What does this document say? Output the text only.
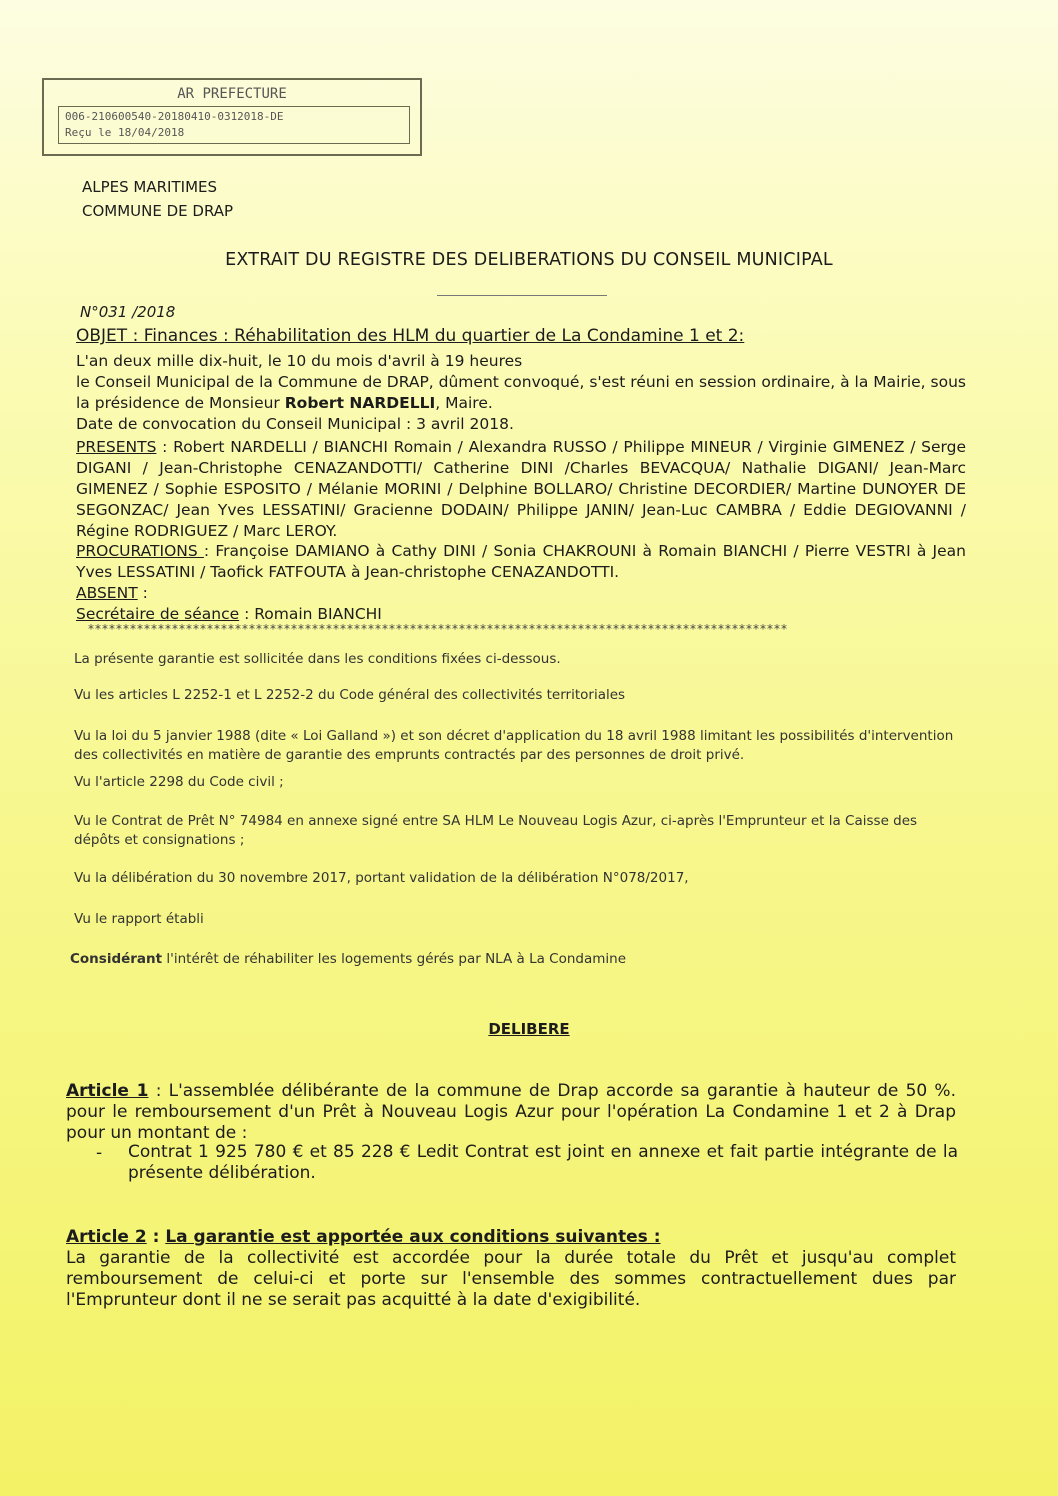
AR PREFECTURE
006-210600540-20180410-0312018-DE
Reçu le 18/04/2018
ALPES MARITIMES
COMMUNE DE DRAP
EXTRAIT DU REGISTRE DES DELIBERATIONS DU CONSEIL MUNICIPAL
N°031 /2018
OBJET : Finances : Réhabilitation des HLM du quartier de La Condamine 1 et 2:
L'an deux mille dix-huit, le 10 du mois d'avril à 19 heures
le Conseil Municipal de la Commune de DRAP, dûment convoqué, s'est réuni en session ordinaire, à la Mairie, sous la présidence de Monsieur Robert NARDELLI, Maire.
Date de convocation du Conseil Municipal : 3 avril 2018.
PRESENTS : Robert NARDELLI / BIANCHI Romain / Alexandra RUSSO / Philippe MINEUR / Virginie GIMENEZ / Serge DIGANI / Jean-Christophe CENAZANDOTTI/ Catherine DINI /Charles BEVACQUA/ Nathalie DIGANI/ Jean-Marc GIMENEZ / Sophie ESPOSITO / Mélanie MORINI / Delphine BOLLARO/ Christine DECORDIER/ Martine DUNOYER DE SEGONZAC/ Jean Yves LESSATINI/ Gracienne DODAIN/ Philippe JANIN/ Jean-Luc CAMBRA / Eddie DEGIOVANNI / Régine RODRIGUEZ / Marc LEROY.
PROCURATIONS : Françoise DAMIANO à Cathy DINI / Sonia CHAKROUNI à Romain BIANCHI / Pierre VESTRI à Jean Yves LESSATINI / Taofick FATFOUTA à Jean-christophe CENAZANDOTTI.
ABSENT :
Secrétaire de séance : Romain BIANCHI
****************************************************************************************************
La présente garantie est sollicitée dans les conditions fixées ci-dessous.
Vu les articles L 2252-1 et L 2252-2 du Code général des collectivités territoriales
Vu la loi du 5 janvier 1988 (dite « Loi Galland ») et son décret d'application du 18 avril 1988 limitant les possibilités d'intervention des collectivités en matière de garantie des emprunts contractés par des personnes de droit privé.
Vu l'article 2298 du Code civil ;
Vu le Contrat de Prêt N° 74984 en annexe signé entre SA HLM Le Nouveau Logis Azur, ci-après l'Emprunteur et la Caisse des dépôts et consignations ;
Vu la délibération du 30 novembre 2017, portant validation de la délibération N°078/2017,
Vu le rapport établi
Considérant l'intérêt de réhabiliter les logements gérés par NLA à La Condamine
DELIBERE
Article 1 : L'assemblée délibérante de la commune de Drap accorde sa garantie à hauteur de 50 %. pour le remboursement d'un Prêt à Nouveau Logis Azur pour l'opération La Condamine 1 et 2 à Drap pour un montant de :
- Contrat 1 925 780 € et 85 228 € Ledit Contrat est joint en annexe et fait partie intégrante de la présente délibération.
Article 2 : La garantie est apportée aux conditions suivantes :
La garantie de la collectivité est accordée pour la durée totale du Prêt et jusqu'au complet remboursement de celui-ci et porte sur l'ensemble des sommes contractuellement dues par l'Emprunteur dont il ne se serait pas acquitté à la date d'exigibilité.
